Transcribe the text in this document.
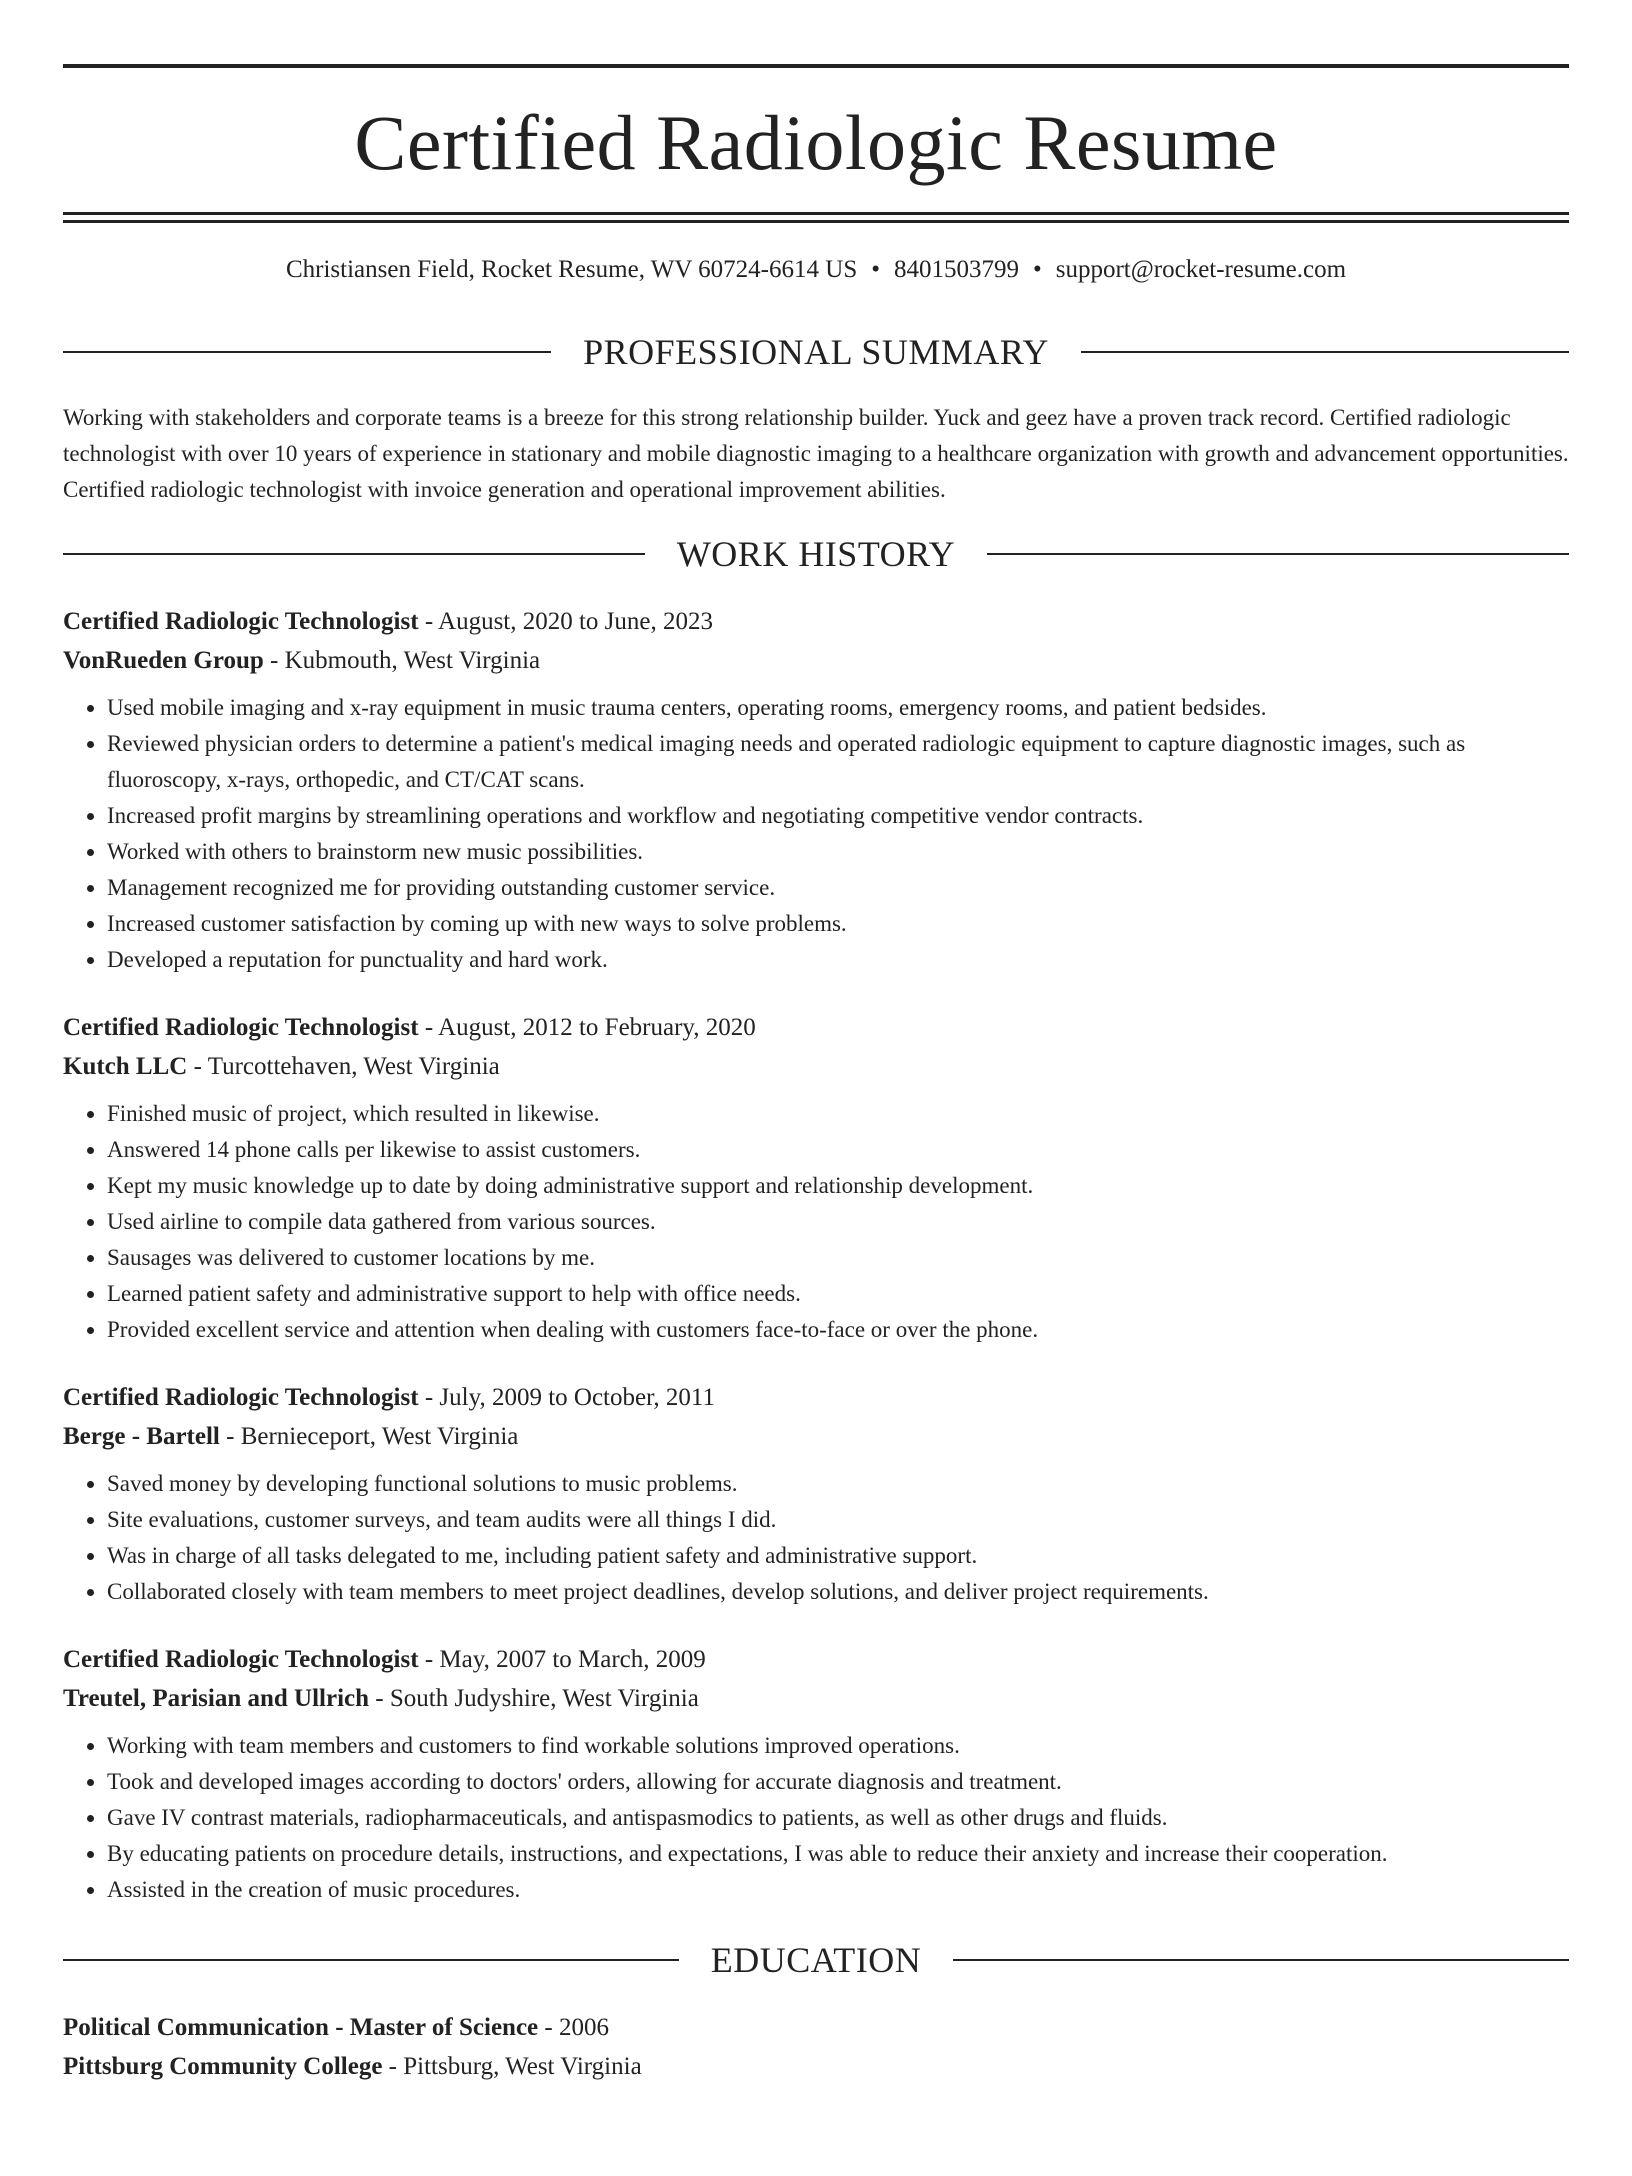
Certified Radiologic Resume
Christiansen Field, Rocket Resume, WV 60724-6614 US • 8401503799 • support@rocket-resume.com
PROFESSIONAL SUMMARY
Working with stakeholders and corporate teams is a breeze for this strong relationship builder. Yuck and geez have a proven track record. Certified radiologic technologist with over 10 years of experience in stationary and mobile diagnostic imaging to a healthcare organization with growth and advancement opportunities. Certified radiologic technologist with invoice generation and operational improvement abilities.
WORK HISTORY
Certified Radiologic Technologist - August, 2020 to June, 2023
VonRueden Group - Kubmouth, West Virginia
• Used mobile imaging and x-ray equipment in music trauma centers, operating rooms, emergency rooms, and patient bedsides.
• Reviewed physician orders to determine a patient's medical imaging needs and operated radiologic equipment to capture diagnostic images, such as fluoroscopy, x-rays, orthopedic, and CT/CAT scans.
• Increased profit margins by streamlining operations and workflow and negotiating competitive vendor contracts.
• Worked with others to brainstorm new music possibilities.
• Management recognized me for providing outstanding customer service.
• Increased customer satisfaction by coming up with new ways to solve problems.
• Developed a reputation for punctuality and hard work.
Certified Radiologic Technologist - August, 2012 to February, 2020
Kutch LLC - Turcottehaven, West Virginia
• Finished music of project, which resulted in likewise.
• Answered 14 phone calls per likewise to assist customers.
• Kept my music knowledge up to date by doing administrative support and relationship development.
• Used airline to compile data gathered from various sources.
• Sausages was delivered to customer locations by me.
• Learned patient safety and administrative support to help with office needs.
• Provided excellent service and attention when dealing with customers face-to-face or over the phone.
Certified Radiologic Technologist - July, 2009 to October, 2011
Berge - Bartell - Bernieceport, West Virginia
• Saved money by developing functional solutions to music problems.
• Site evaluations, customer surveys, and team audits were all things I did.
• Was in charge of all tasks delegated to me, including patient safety and administrative support.
• Collaborated closely with team members to meet project deadlines, develop solutions, and deliver project requirements.
Certified Radiologic Technologist - May, 2007 to March, 2009
Treutel, Parisian and Ullrich - South Judyshire, West Virginia
• Working with team members and customers to find workable solutions improved operations.
• Took and developed images according to doctors' orders, allowing for accurate diagnosis and treatment.
• Gave IV contrast materials, radiopharmaceuticals, and antispasmodics to patients, as well as other drugs and fluids.
• By educating patients on procedure details, instructions, and expectations, I was able to reduce their anxiety and increase their cooperation.
• Assisted in the creation of music procedures.
EDUCATION
Political Communication - Master of Science - 2006
Pittsburg Community College - Pittsburg, West Virginia
